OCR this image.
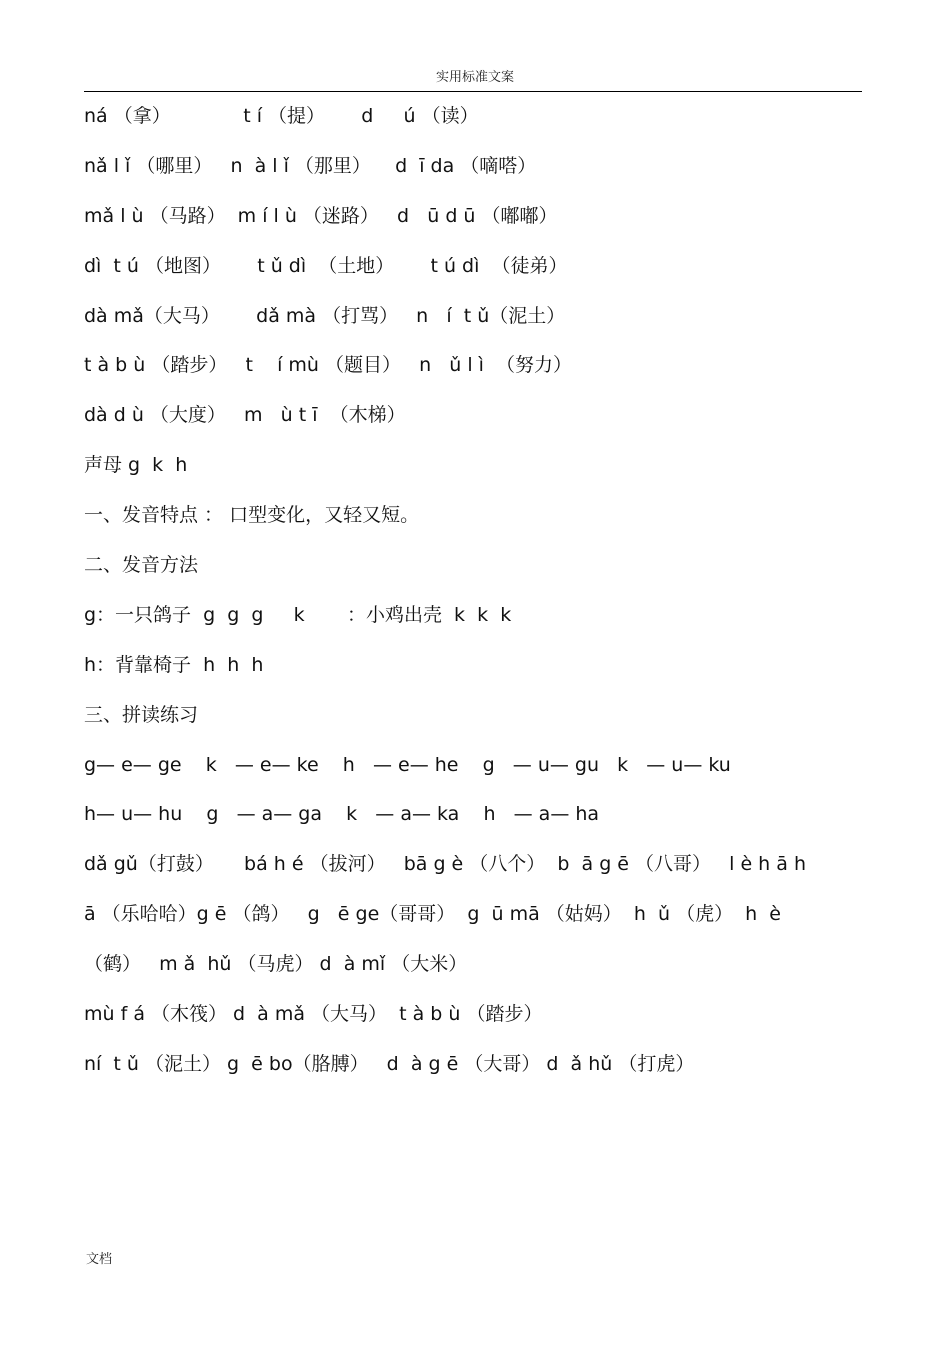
实用标准文案
ná （拿）            t í （提）      d     ú （读）
nǎ l ǐ （哪里）   n  à l ǐ （那里）    d  ī da （嘀嗒）
mǎ l ù （马路）  m í l ù （迷路）   d   ū d ū （嘟嘟）
dì  t ú （地图）      t ǔ dì  （土地）      t ú dì  （徒弟）
dà mǎ（大马）      dǎ mà （打骂）   n   í  t ǔ（泥土）
t à b ù （踏步）   t    í mù （题目）   n   ǔ l ì  （努力）
dà d ù （大度）   m   ù t ī  （木梯）
声母 g  k  h
一、发音特点 ： 口型变化，又轻又短。
二、发音方法
g：一只鸽子  g  g  g     k       ：小鸡出壳  k  k  k
h：背靠椅子  h  h  h
三、拼读练习
g— e— ge    k   — e— ke    h   — e— he    g   — u— gu   k   — u— ku
h— u— hu    g   — a— ga    k   — a— ka    h   — a— ha
dǎ gǔ（打鼓）     bá h é （拔河）   bā g è （八个）  b  ā g ē （八哥）   l è h ā h
ā （乐哈哈）g ē （鸽）   g   ē ge（哥哥）  g  ū mā （姑妈）  h  ǔ （虎）  h  è
（鹤）   m ǎ  hǔ （马虎） d  à mǐ （大米）
mù f á （木筏） d  à mǎ （大马）  t à b ù （踏步）
ní  t ǔ （泥土） g  ē bo（胳膊）   d  à g ē （大哥） d  ǎ hǔ （打虎）
文档
